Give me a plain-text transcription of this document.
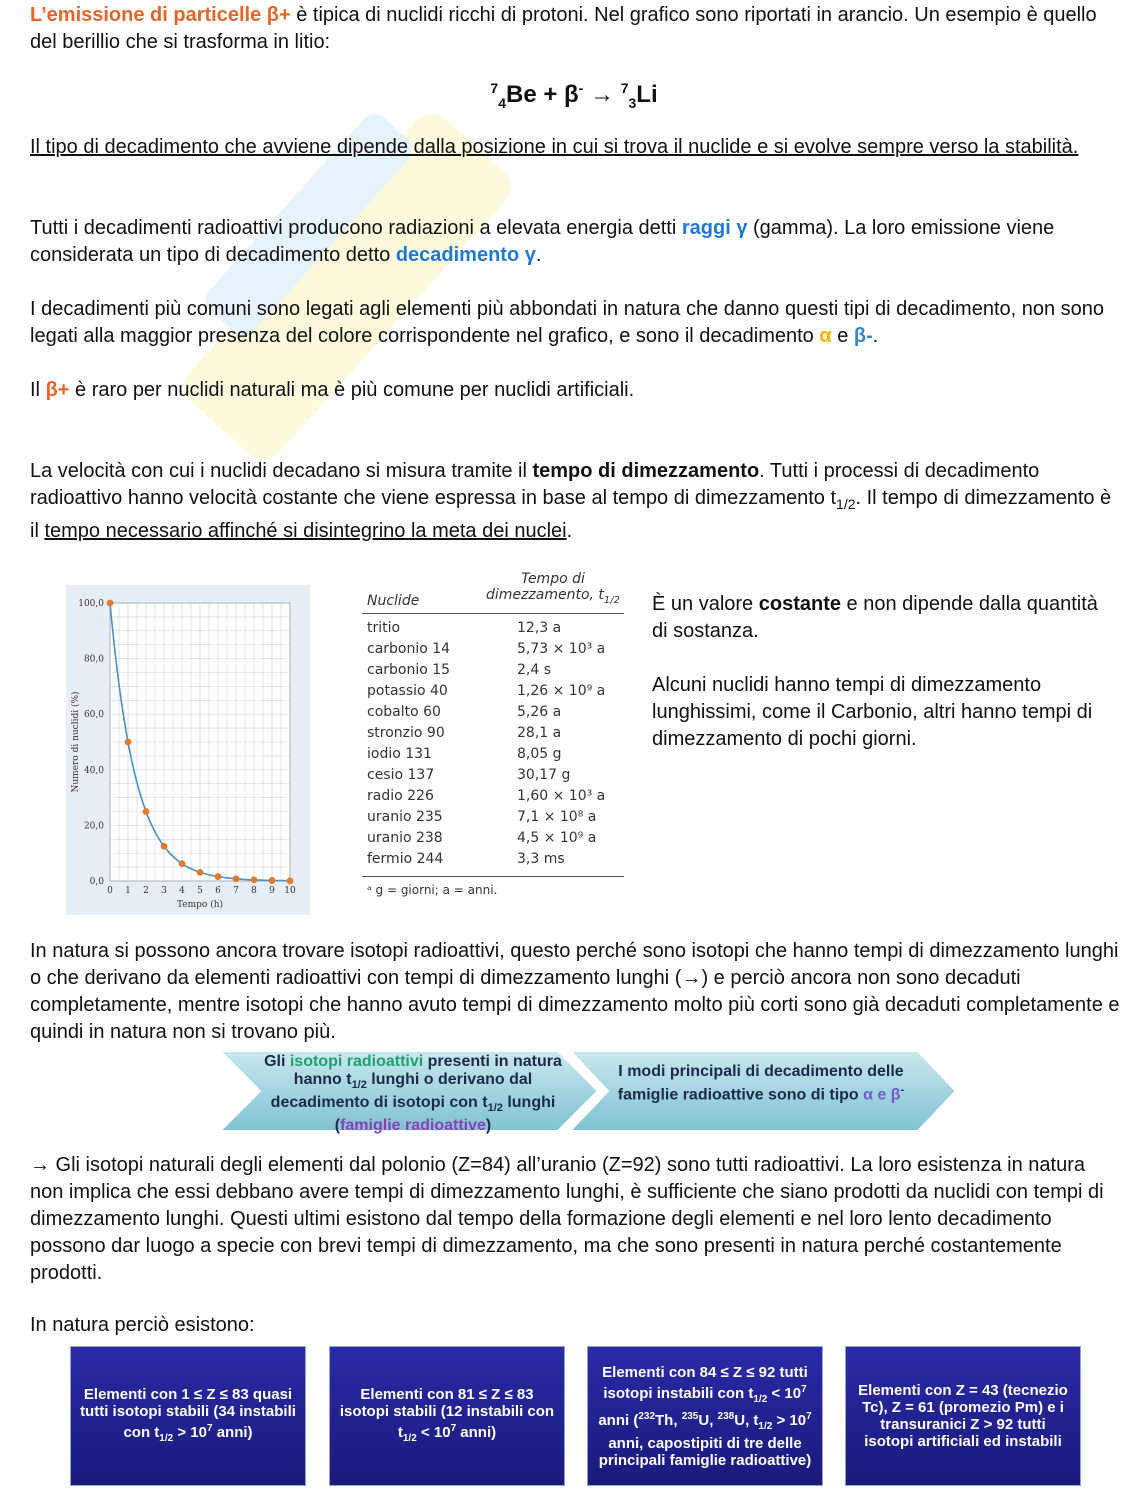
L’emissione di particelle β+ è tipica di nuclidi ricchi di protoni. Nel grafico sono riportati in arancio. Un esempio è quello del berillio che si trasforma in litio:
$^7_4$Be + β- → $^7_3$Li
Il tipo di decadimento che avviene dipende dalla posizione in cui si trova il nuclide e si evolve sempre verso la stabilità.
Tutti i decadimenti radioattivi producono radiazioni a elevata energia detti raggi γ (gamma). La loro emissione viene considerata un tipo di decadimento detto decadimento γ.
I decadimenti più comuni sono legati agli elementi più abbondati in natura che danno questi tipi di decadimento, non sono legati alla maggior presenza del colore corrispondente nel grafico, e sono il decadimento α e β-.
Il β+ è raro per nuclidi naturali ma è più comune per nuclidi artificiali.
La velocità con cui i nuclidi decadano si misura tramite il tempo di dimezzamento. Tutti i processi di decadimento radioattivo hanno velocità costante che viene espressa in base al tempo di dimezzamento $t_{1/2}$. Il tempo di dimezzamento è il tempo necessario affinché si disintegrino la meta dei nuclei.
0,0
20,0
40,0
60,0
80,0
100,0
0 1 2 3 4 5 6 7 8 9 10
Tempo (h)
Numero di nuclidi (%)
Nuclide
Tempo di
dimezzamento, $t_{1/2}$
tritio	12,3 a
carbonio 14	5,73 × 10³ a
carbonio 15	2,4 s
potassio 40	1,26 × 10⁹ a
cobalto 60	5,26 a
stronzio 90	28,1 a
iodio 131	8,05 g
cesio 137	30,17 g
radio 226	1,60 × 10³ a
uranio 235	7,1 × 10⁸ a
uranio 238	4,5 × 10⁹ a
fermio 244	3,3 ms
ᵃ g = giorni; a = anni.
È un valore costante e non dipende dalla quantità di sostanza.
Alcuni nuclidi hanno tempi di dimezzamento lunghissimi, come il Carbonio, altri hanno tempi di dimezzamento di pochi giorni.
In natura si possono ancora trovare isotopi radioattivi, questo perché sono isotopi che hanno tempi di dimezzamento lunghi o che derivano da elementi radioattivi con tempi di dimezzamento lunghi (→) e perciò ancora non sono decaduti completamente, mentre isotopi che hanno avuto tempi di dimezzamento molto più corti sono già decaduti completamente e quindi in natura non si trovano più.
Gli isotopi radioattivi presenti in natura hanno $t_{1/2}$ lunghi o derivano dal decadimento di isotopi con $t_{1/2}$ lunghi (famiglie radioattive)
I modi principali di decadimento delle famiglie radioattive sono di tipo α e β-
→ Gli isotopi naturali degli elementi dal polonio (Z=84) all’uranio (Z=92) sono tutti radioattivi. La loro esistenza in natura non implica che essi debbano avere tempi di dimezzamento lunghi, è sufficiente che siano prodotti da nuclidi con tempi di dimezzamento lunghi. Questi ultimi esistono dal tempo della formazione degli elementi e nel loro lento decadimento possono dar luogo a specie con brevi tempi di dimezzamento, ma che sono presenti in natura perché costantemente prodotti.
In natura perciò esistono:
Elementi con 1 ≤ Z ≤ 83 quasi tutti isotopi stabili (34 instabili con $t_{1/2} > 10^7$ anni)
Elementi con 81 ≤ Z ≤ 83 isotopi stabili (12 instabili con $t_{1/2} < 10^7$ anni)
Elementi con 84 ≤ Z ≤ 92 tutti isotopi instabili con $t_{1/2} < 10^7$ anni ($^{232}$Th, $^{235}$U, $^{238}$U, $t_{1/2} > 10^7$ anni, capostipiti di tre delle principali famiglie radioattive)
Elementi con Z = 43 (tecnezio Tc), Z = 61 (promezio Pm) e i transuranici Z > 92 tutti isotopi artificiali ed instabili
